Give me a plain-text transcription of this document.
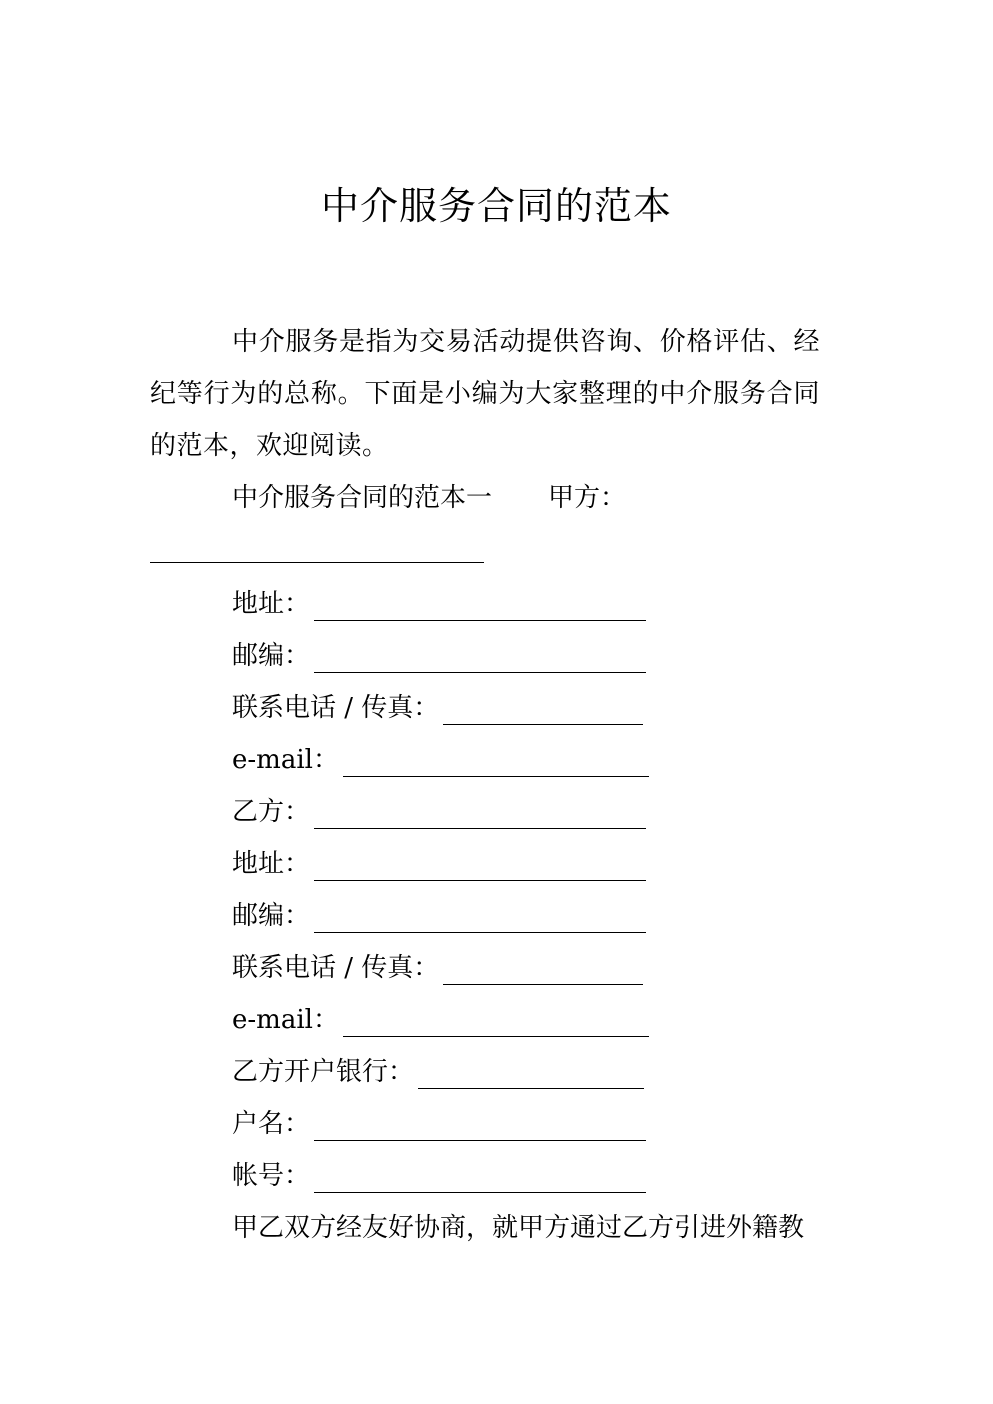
中介服务合同的范本
中介服务是指为交易活动提供咨询、价格评估、经纪等行为的总称。下面是小编为大家整理的中介服务合同的范本，欢迎阅读。
中介服务合同的范本一 甲方：
地址：
邮编：
联系电话 / 传真：
e-mail：
乙方：
地址：
邮编：
联系电话 / 传真：
e-mail：
乙方开户银行：
户名：
帐号：
甲乙双方经友好协商，就甲方通过乙方引进外籍教
